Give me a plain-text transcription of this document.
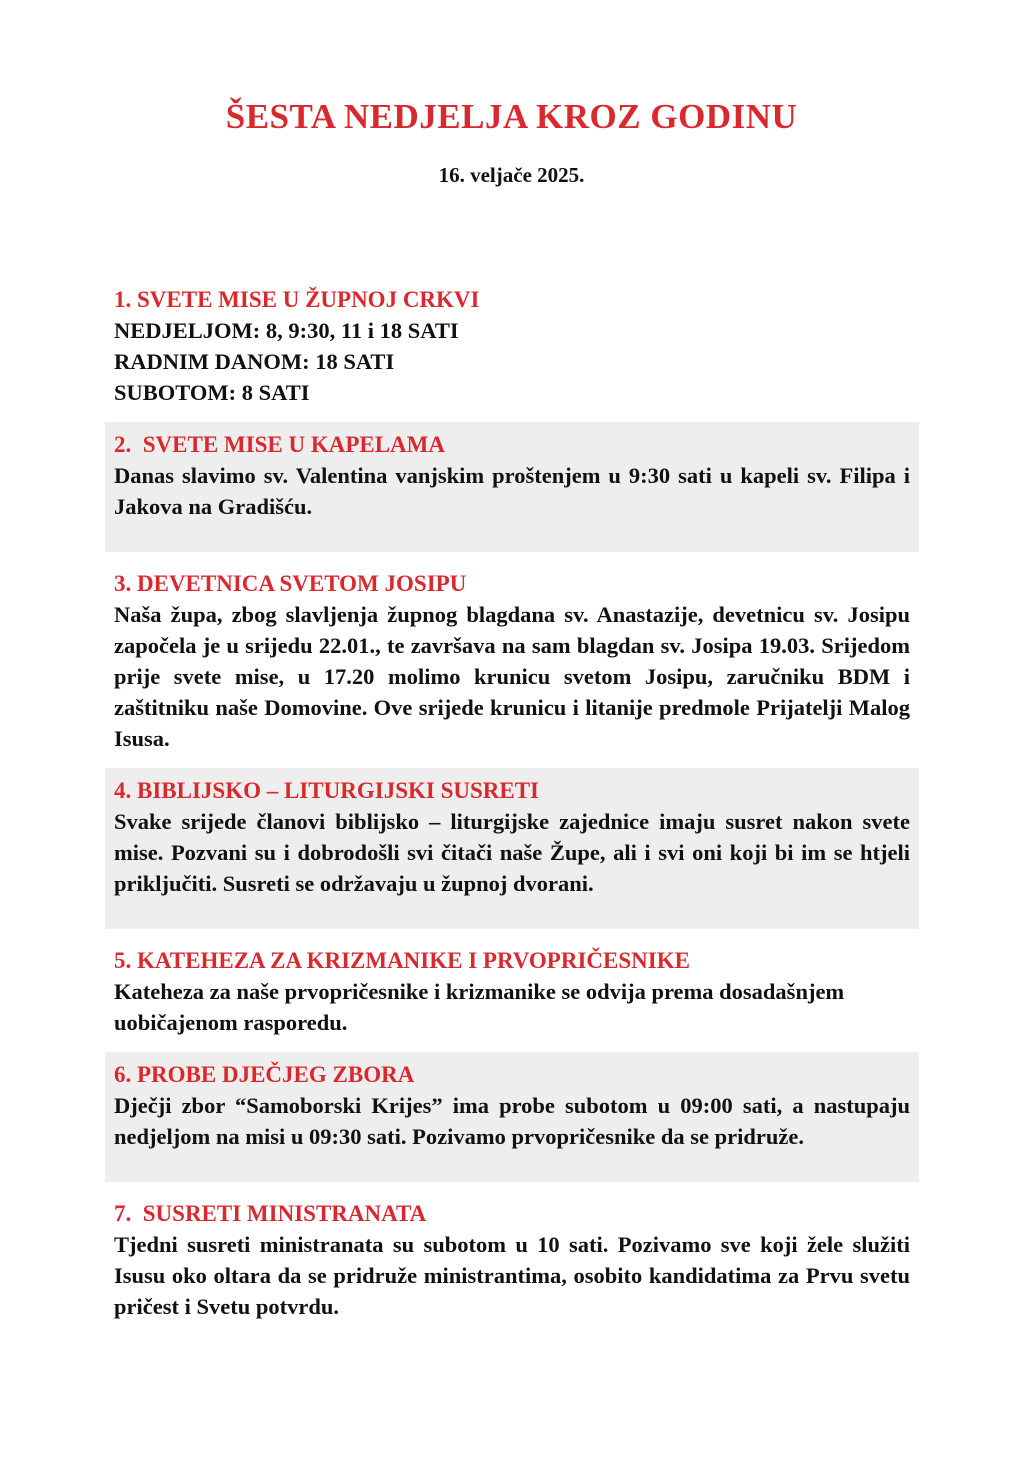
ŠESTA NEDJELJA KROZ GODINU
16. veljače 2025.
1. SVETE MISE U ŽUPNOJ CRKVI
NEDJELJOM: 8, 9:30, 11 i 18 SATI
RADNIM DANOM: 18 SATI
SUBOTOM: 8 SATI
2.  SVETE MISE U KAPELAMA
Danas slavimo sv. Valentina vanjskim proštenjem u 9:30 sati u kapeli sv. Filipa i Jakova na Gradišću.
3. DEVETNICA SVETOM JOSIPU
Naša župa, zbog slavljenja župnog blagdana sv. Anastazije, devetnicu sv. Josipu započela je u srijedu 22.01., te završava na sam blagdan sv. Josipa 19.03. Srijedom prije svete mise, u 17.20 molimo krunicu svetom Josipu, zaručniku BDM i zaštitniku naše Domovine. Ove srijede krunicu i litanije predmole Prijatelji Malog Isusa.
4. BIBLIJSKO – LITURGIJSKI SUSRETI
Svake srijede članovi biblijsko – liturgijske zajednice imaju susret nakon svete mise. Pozvani su i dobrodošli svi čitači naše Župe, ali i svi oni koji bi im se htjeli priključiti. Susreti se održavaju u župnoj dvorani.
5. KATEHEZA ZA KRIZMANIKE I PRVOPRIČESNIKE
Kateheza za naše prvopričesnike i krizmanike se odvija prema dosadašnjem uobičajenom rasporedu.
6. PROBE DJEČJEG ZBORA
Dječji zbor “Samoborski Krijes” ima probe subotom u 09:00 sati, a nastupaju nedjeljom na misi u 09:30 sati. Pozivamo prvopričesnike da se pridruže.
7.  SUSRETI MINISTRANATA
Tjedni susreti ministranata su subotom u 10 sati. Pozivamo sve koji žele služiti Isusu oko oltara da se pridruže ministrantima, osobito kandidatima za Prvu svetu pričest i Svetu potvrdu.
